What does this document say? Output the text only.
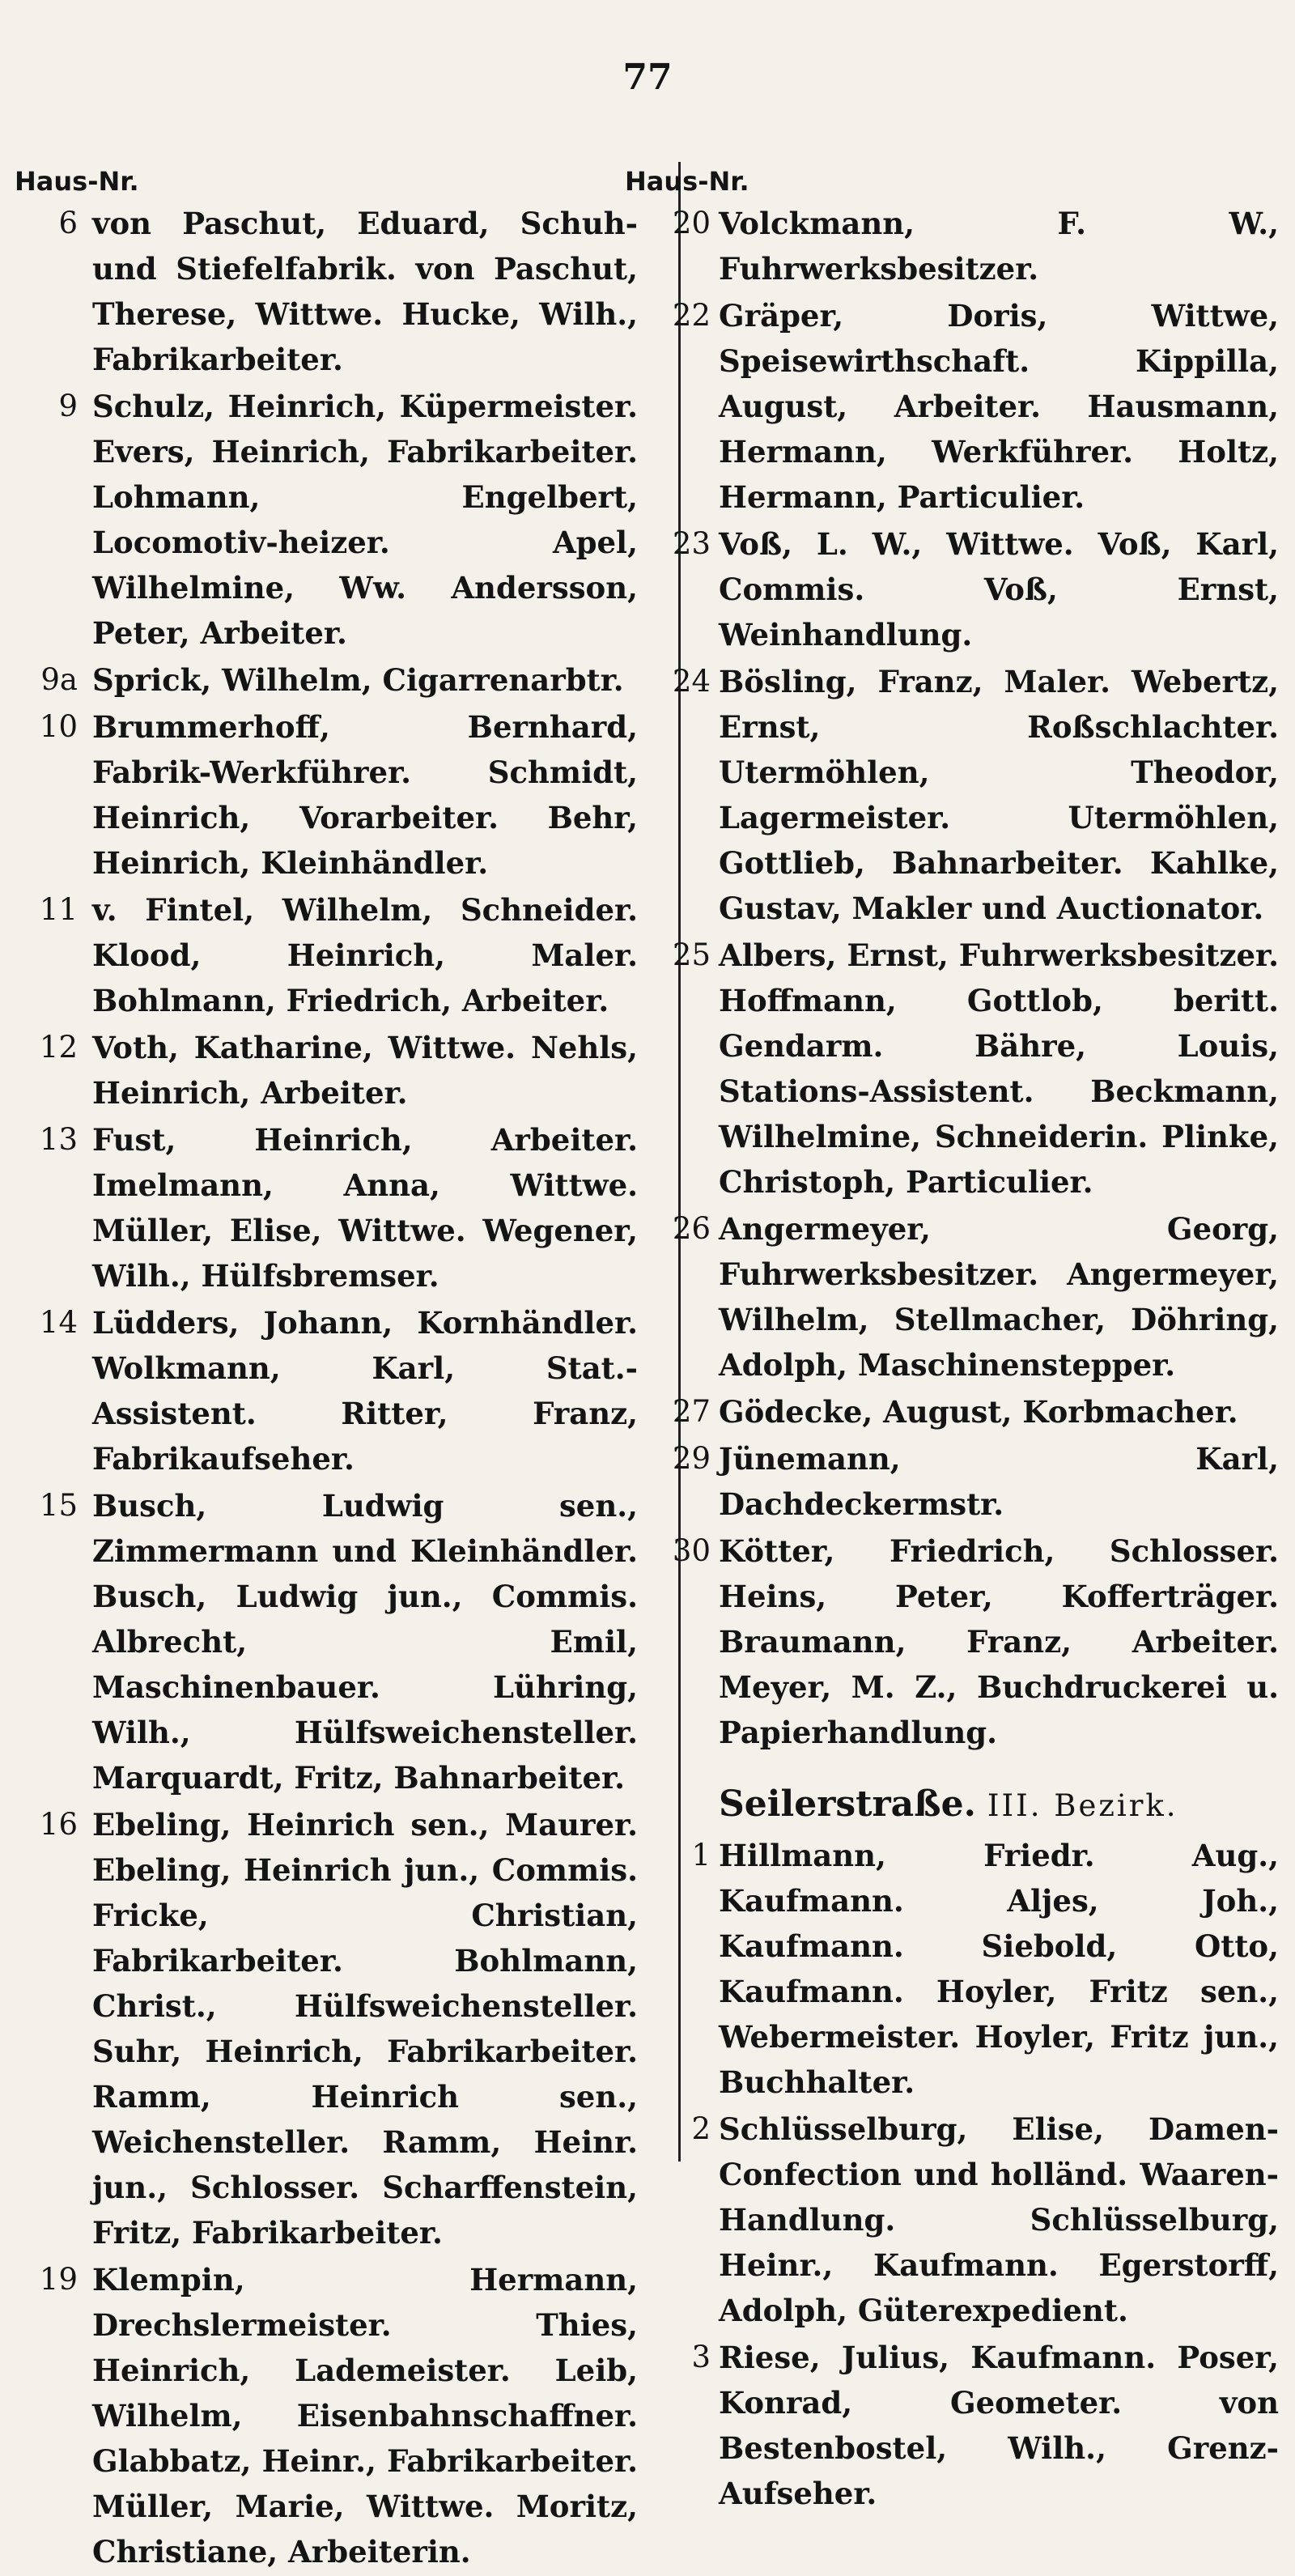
77
Haus-Nr.
6 von Paschut, Eduard, Schuh- und Stiefelfabrik. von Paschut, Therese, Wittwe. Hucke, Wilh., Fabrikarbeiter.
9 Schulz, Heinrich, Küpermeister. Evers, Heinrich, Fabrikarbeiter. Lohmann, Engelbert, Locomotiv-heizer. Apel, Wilhelmine, Ww. Andersson, Peter, Arbeiter.
9a Sprick, Wilhelm, Cigarrenarbtr.
10 Brummerhoff, Bernhard, Fabrik-Werkführer. Schmidt, Heinrich, Vorarbeiter. Behr, Heinrich, Kleinhändler.
11 v. Fintel, Wilhelm, Schneider. Klood, Heinrich, Maler. Bohlmann, Friedrich, Arbeiter.
12 Voth, Katharine, Wittwe. Nehls, Heinrich, Arbeiter.
13 Fust, Heinrich, Arbeiter. Imelmann, Anna, Wittwe. Müller, Elise, Wittwe. Wegener, Wilh., Hülfsbremser.
14 Lüdders, Johann, Kornhändler. Wolkmann, Karl, Stat.-Assistent. Ritter, Franz, Fabrikaufseher.
15 Busch, Ludwig sen., Zimmermann und Kleinhändler. Busch, Ludwig jun., Commis. Albrecht, Emil, Maschinenbauer. Lühring, Wilh., Hülfsweichensteller. Marquardt, Fritz, Bahnarbeiter.
16 Ebeling, Heinrich sen., Maurer. Ebeling, Heinrich jun., Commis. Fricke, Christian, Fabrikarbeiter. Bohlmann, Christ., Hülfsweichensteller. Suhr, Heinrich, Fabrikarbeiter. Ramm, Heinrich sen., Weichensteller. Ramm, Heinr. jun., Schlosser. Scharffenstein, Fritz, Fabrikarbeiter.
19 Klempin, Hermann, Drechslermeister. Thies, Heinrich, Lademeister. Leib, Wilhelm, Eisenbahnschaffner. Glabbatz, Heinr., Fabrikarbeiter. Müller, Marie, Wittwe. Moritz, Christiane, Arbeiterin.
Haus-Nr.
20 Volckmann, F. W., Fuhrwerksbesitzer.
22 Gräper, Doris, Wittwe, Speisewirthschaft. Kippilla, August, Arbeiter. Hausmann, Hermann, Werkführer. Holtz, Hermann, Particulier.
23 Voß, L. W., Wittwe. Voß, Karl, Commis. Voß, Ernst, Weinhandlung.
24 Bösling, Franz, Maler. Webertz, Ernst, Roßschlachter. Utermöhlen, Theodor, Lagermeister. Utermöhlen, Gottlieb, Bahnarbeiter. Kahlke, Gustav, Makler und Auctionator.
25 Albers, Ernst, Fuhrwerksbesitzer. Hoffmann, Gottlob, beritt. Gendarm. Bähre, Louis, Stations-Assistent. Beckmann, Wilhelmine, Schneiderin. Plinke, Christoph, Particulier.
26 Angermeyer, Georg, Fuhrwerksbesitzer. Angermeyer, Wilhelm, Stellmacher, Döhring, Adolph, Maschinenstepper.
27 Gödecke, August, Korbmacher.
29 Jünemann, Karl, Dachdeckermstr.
30 Kötter, Friedrich, Schlosser. Heins, Peter, Kofferträger. Braumann, Franz, Arbeiter. Meyer, M. Z., Buchdruckerei u. Papierhandlung.
Seilerstraße. III. Bezirk.
1 Hillmann, Friedr. Aug., Kaufmann. Aljes, Joh., Kaufmann. Siebold, Otto, Kaufmann. Hoyler, Fritz sen., Webermeister. Hoyler, Fritz jun., Buchhalter.
2 Schlüsselburg, Elise, Damen-Confection und holländ. Waaren-Handlung. Schlüsselburg, Heinr., Kaufmann. Egerstorff, Adolph, Güterexpedient.
3 Riese, Julius, Kaufmann. Poser, Konrad, Geometer. von Bestenbostel, Wilh., Grenz-Aufseher.
